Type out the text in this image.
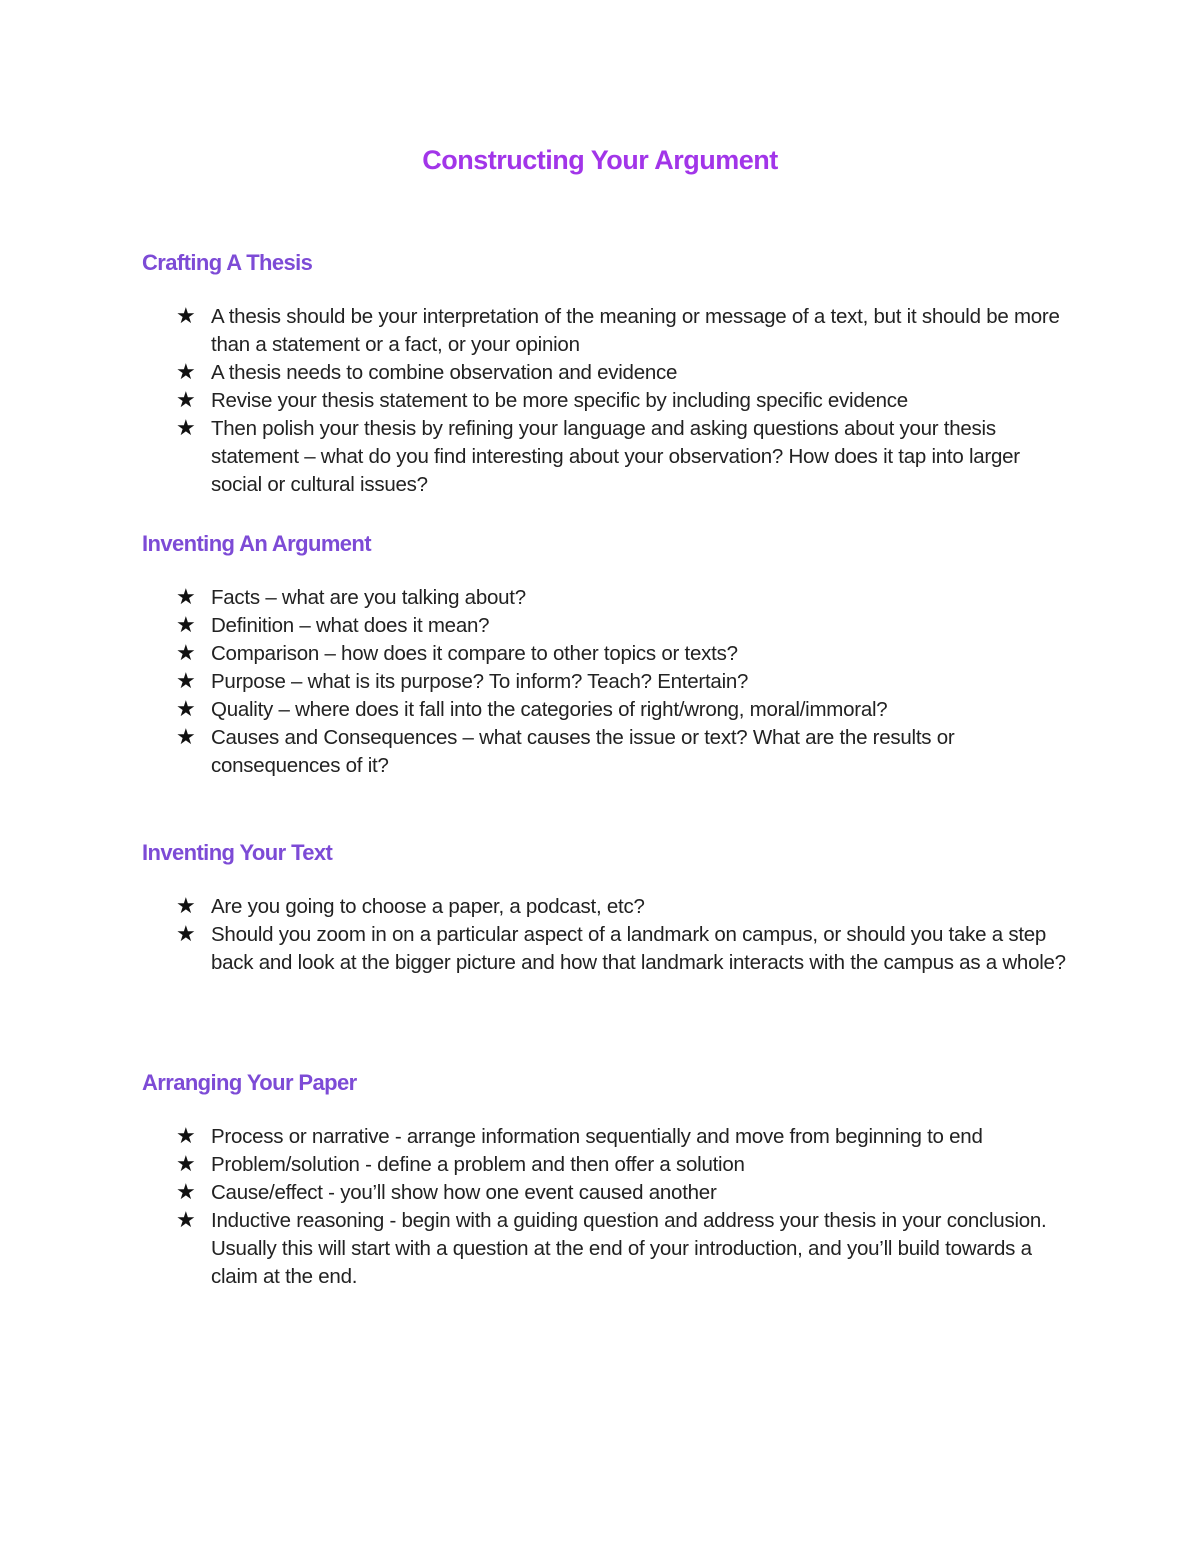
Constructing Your Argument
Crafting A Thesis
★ A thesis should be your interpretation of the meaning or message of a text, but it should be more than a statement or a fact, or your opinion
★ A thesis needs to combine observation and evidence
★ Revise your thesis statement to be more specific by including specific evidence
★ Then polish your thesis by refining your language and asking questions about your thesis statement – what do you find interesting about your observation? How does it tap into larger social or cultural issues?
Inventing An Argument
★ Facts – what are you talking about?
★ Definition – what does it mean?
★ Comparison – how does it compare to other topics or texts?
★ Purpose – what is its purpose? To inform? Teach? Entertain?
★ Quality – where does it fall into the categories of right/wrong, moral/immoral?
★ Causes and Consequences – what causes the issue or text? What are the results or consequences of it?
Inventing Your Text
★ Are you going to choose a paper, a podcast, etc?
★ Should you zoom in on a particular aspect of a landmark on campus, or should you take a step back and look at the bigger picture and how that landmark interacts with the campus as a whole?
Arranging Your Paper
★ Process or narrative - arrange information sequentially and move from beginning to end
★ Problem/solution - define a problem and then offer a solution
★ Cause/effect - you’ll show how one event caused another
★ Inductive reasoning - begin with a guiding question and address your thesis in your conclusion. Usually this will start with a question at the end of your introduction, and you’ll build towards a claim at the end.
